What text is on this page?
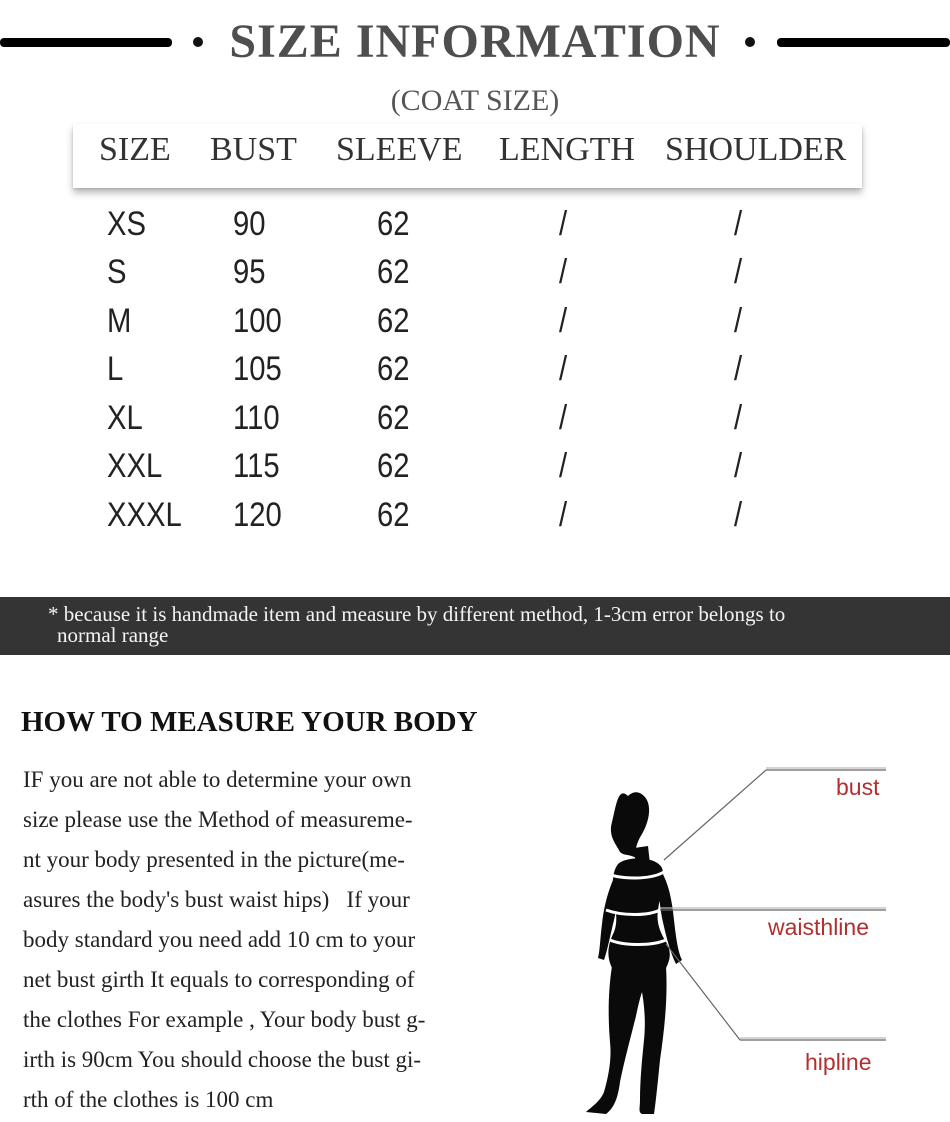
SIZE INFORMATION
(COAT SIZE)
SIZE BUST SLEEVE LENGTH SHOULDER
XS	90	62	/	/
S	95	62	/	/
M	100	62	/	/
L	105	62	/	/
XL	110	62	/	/
XXL 115	62	/	/
XXXL 120	62	/	/
* because it is handmade item and measure by different method, 1-3cm error belongs to
normal range
HOW TO MEASURE YOUR BODY
IF you are not able to determine your own
size please use the Method of measureme-
nt your body presented in the picture(me-
asures the body's bust waist hips)   If your
body standard you need add 10 cm to your
net bust girth It equals to corresponding of
the clothes For example , Your body bust g-
irth is 90cm You should choose the bust gi-
rth of the clothes is 100 cm
bust
waisthline
hipline
